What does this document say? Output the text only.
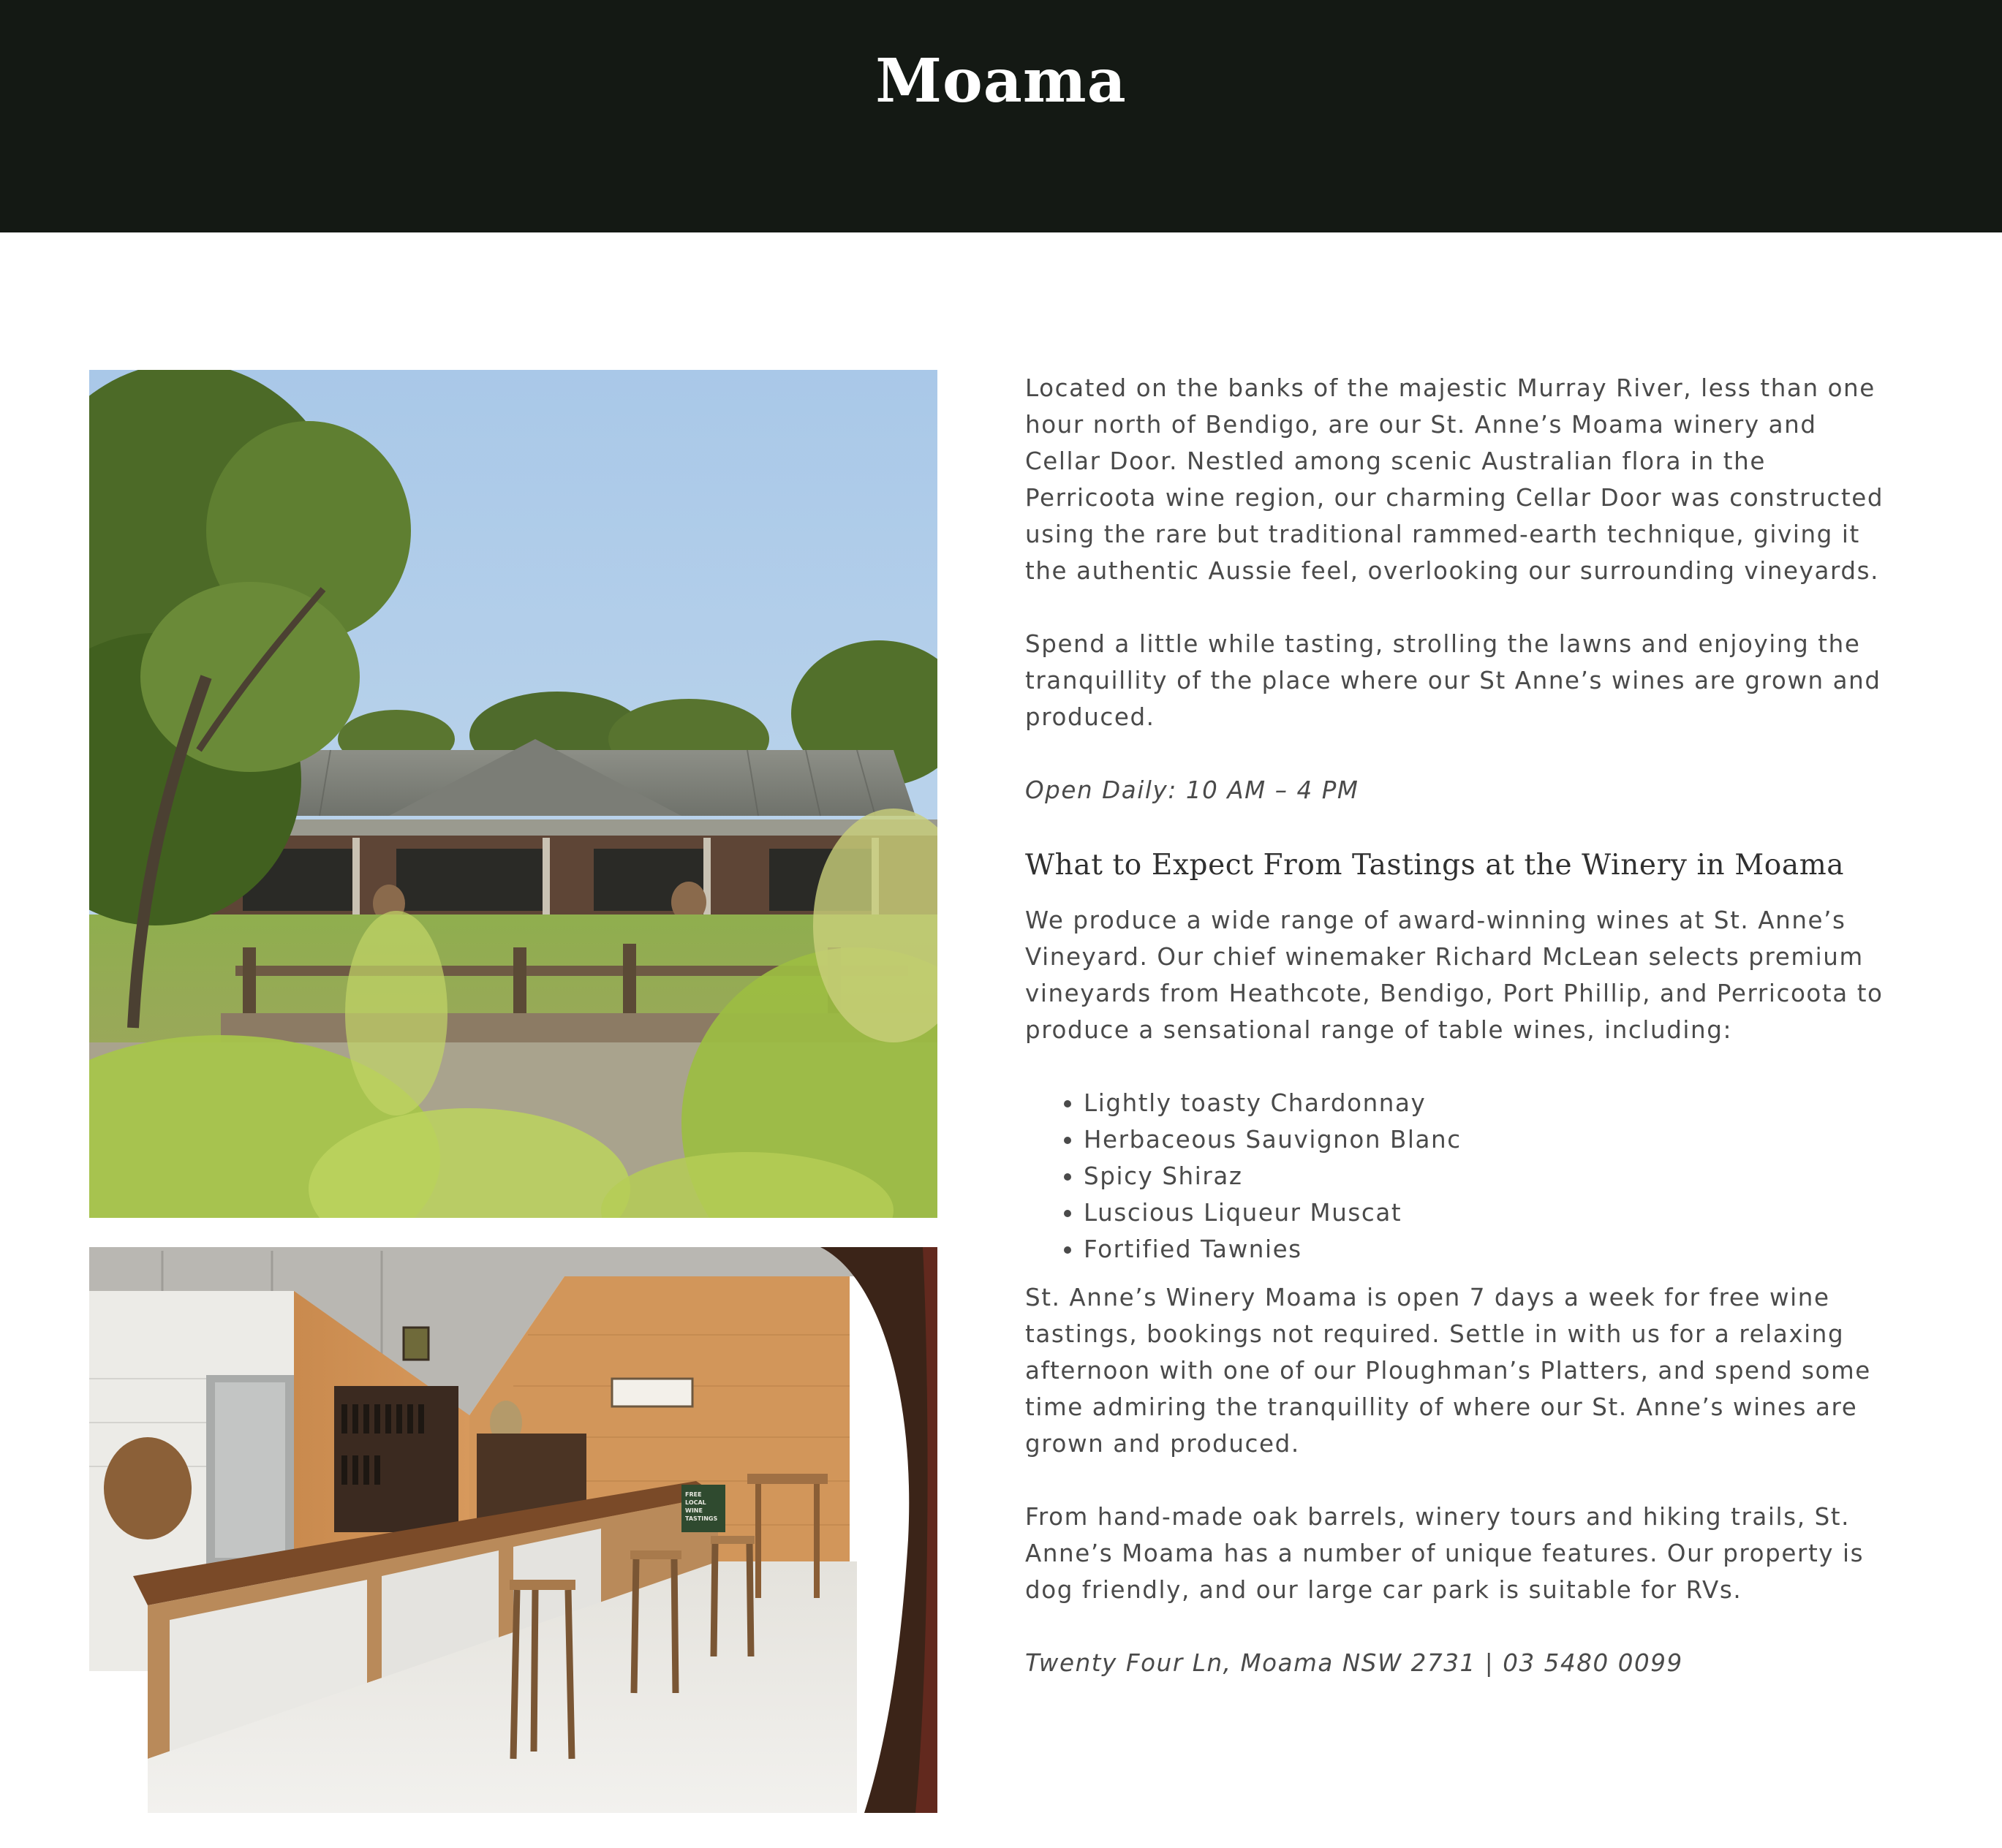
Moama
FREE
LOCAL
WINE
TASTINGS

Located on the banks of the majestic Murray River, less than one hour north of Bendigo, are our St. Anne’s Moama winery and Cellar Door. Nestled among scenic Australian flora in the Perricoota wine region, our charming Cellar Door was constructed using the rare but traditional rammed-earth technique, giving it the authentic Aussie feel, overlooking our surrounding vineyards.

Spend a little while tasting, strolling the lawns and enjoying the tranquillity of the place where our St Anne’s wines are grown and produced.

Open Daily: 10 AM – 4 PM

What to Expect From Tastings at the Winery in Moama

We produce a wide range of award-winning wines at St. Anne’s Vineyard. Our chief winemaker Richard McLean selects premium vineyards from Heathcote, Bendigo, Port Phillip, and Perricoota to produce a sensational range of table wines, including:

• Lightly toasty Chardonnay
• Herbaceous Sauvignon Blanc
• Spicy Shiraz
• Luscious Liqueur Muscat
• Fortified Tawnies

St. Anne’s Winery Moama is open 7 days a week for free wine tastings, bookings not required. Settle in with us for a relaxing afternoon with one of our Ploughman’s Platters, and spend some time admiring the tranquillity of where our St. Anne’s wines are grown and produced.

From hand-made oak barrels, winery tours and hiking trails, St. Anne’s Moama has a number of unique features. Our property is dog friendly, and our large car park is suitable for RVs.

Twenty Four Ln, Moama NSW 2731 | 03 5480 0099
